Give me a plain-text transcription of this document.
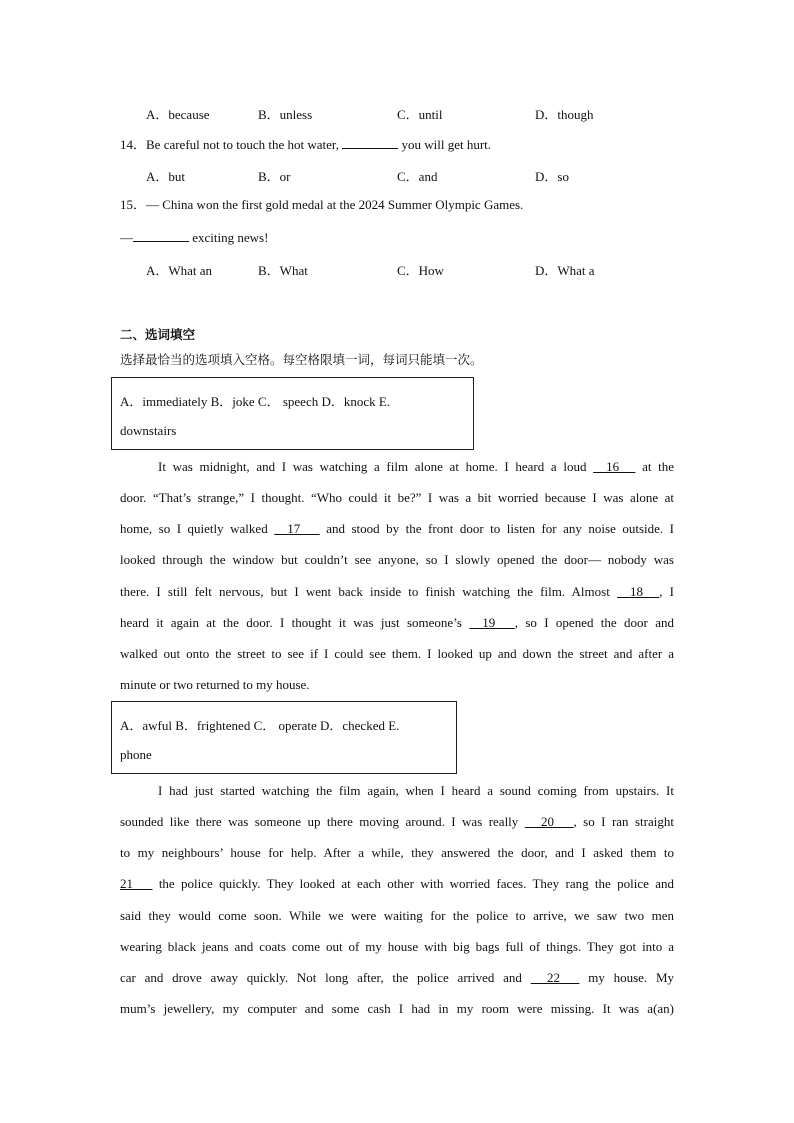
A．because	B．unless	C．until	D．though
14．Be careful not to touch the hot water,	you will get hurt.
A．but	B．or	C．and	D．so
15．— China won the first gold medal at the 2024 Summer Olympic Games.
—	exciting news!
A．What an	B．What	C．How	D．What a
二、选词填空
选择最恰当的选项填入空格。每空格限填一词，每词只能填一次。
A．immediately B．joke C． speech D．knock E.
downstairs
It was midnight, and I was watching a film alone at home. I heard a loud     16      at the
door. “That’s strange,” I thought. “Who could it be?” I was a bit worried because I was alone at
home, so I quietly walked     17       and stood by the front door to listen for any noise outside. I
looked through the window but couldn’t see anyone, so I slowly opened the door— nobody was
there. I still felt nervous, but I went back inside to finish watching the film. Almost     18     , I
heard it again at the door. I thought it was just someone’s     19      , so I opened the door and
walked out onto the street to see if I could see them. I looked up and down the street and after a
minute or two returned to my house.
A．awful B．frightened C． operate D．checked E.
phone
I had just started watching the film again, when I heard a sound coming from upstairs. It
sounded like there was someone up there moving around. I was really      20      , so I ran straight
to my neighbours’ house for help. After a while, they answered the door, and I asked them to
21       the police quickly. They looked at each other with worried faces. They rang the police and
said they would come soon. While we were waiting for the police to arrive, we saw two men
wearing black jeans and coats come out of my house with big bags full of things. They got into a
car and drove away quickly. Not long after, the police arrived and      22       my house. My
mum’s jewellery, my computer and some cash I had in my room were missing. It was a(an)
